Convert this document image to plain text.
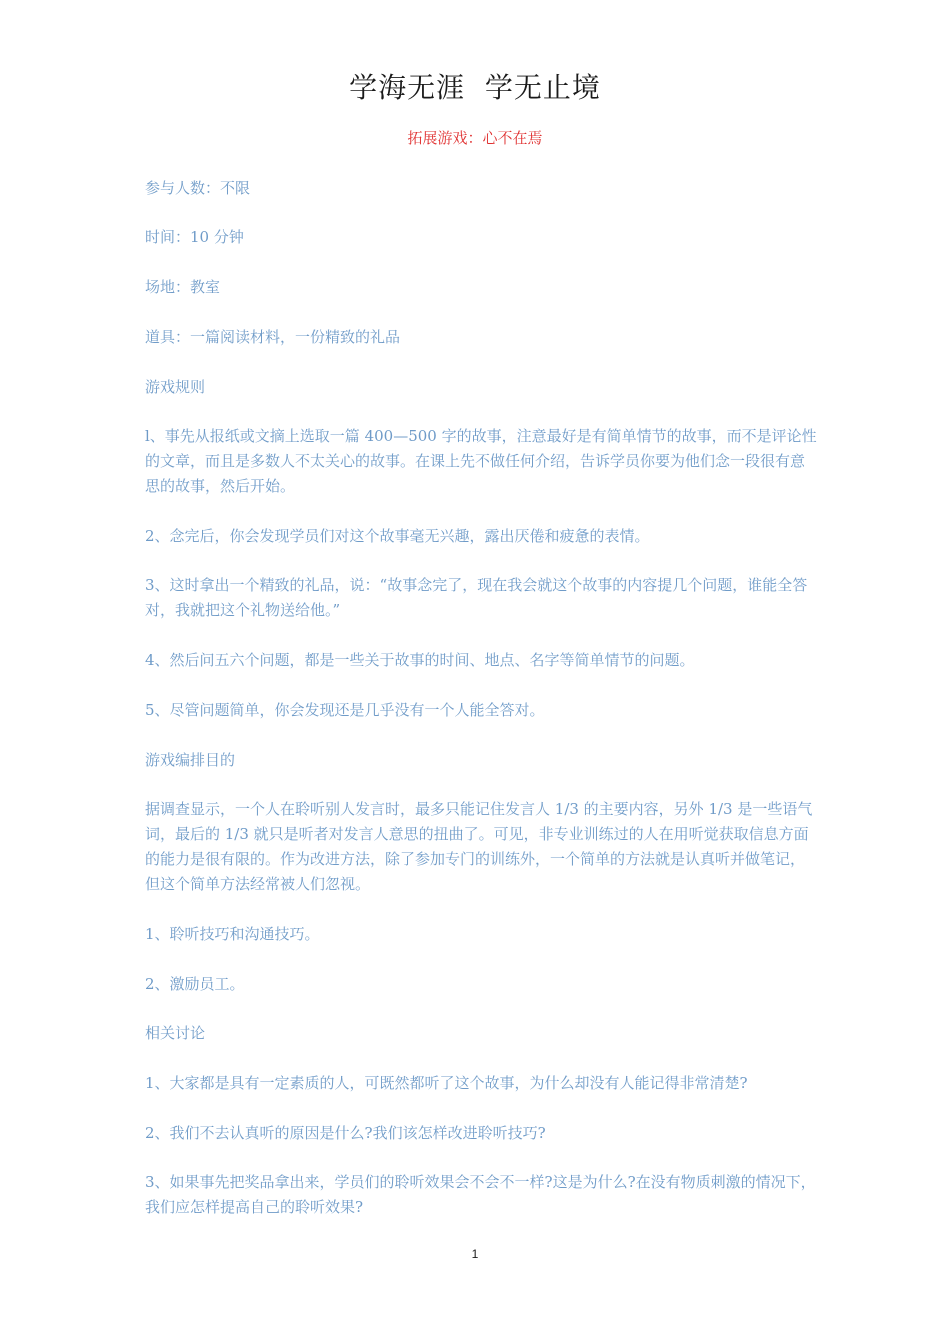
学海无涯  学无止境
拓展游戏：心不在焉

参与人数：不限

时间：10 分钟

场地：教室

道具：一篇阅读材料，一份精致的礼品

游戏规则

l、事先从报纸或文摘上选取一篇 400—500 字的故事，注意最好是有简单情节的故事，而不是评论性的文章，而且是多数人不太关心的故事。在课上先不做任何介绍，告诉学员你要为他们念一段很有意思的故事，然后开始。

2、念完后，你会发现学员们对这个故事毫无兴趣，露出厌倦和疲惫的表情。

3、这时拿出一个精致的礼品，说：“故事念完了，现在我会就这个故事的内容提几个问题，谁能全答对，我就把这个礼物送给他。”

4、然后问五六个问题，都是一些关于故事的时间、地点、名字等简单情节的问题。

5、尽管问题简单，你会发现还是几乎没有一个人能全答对。

游戏编排目的

据调查显示，一个人在聆听别人发言时，最多只能记住发言人 1/3 的主要内容，另外 1/3 是一些语气词，最后的 1/3 就只是听者对发言人意思的扭曲了。可见，非专业训练过的人在用听觉获取信息方面的能力是很有限的。作为改进方法，除了参加专门的训练外，一个简单的方法就是认真听并做笔记，但这个简单方法经常被人们忽视。

1、聆听技巧和沟通技巧。

2、激励员工。

相关讨论

1、大家都是具有一定素质的人，可既然都听了这个故事，为什么却没有人能记得非常清楚?

2、我们不去认真听的原因是什么?我们该怎样改进聆听技巧?

3、如果事先把奖品拿出来，学员们的聆听效果会不会不一样?这是为什么?在没有物质刺激的情况下，我们应怎样提高自己的聆听效果?

1
